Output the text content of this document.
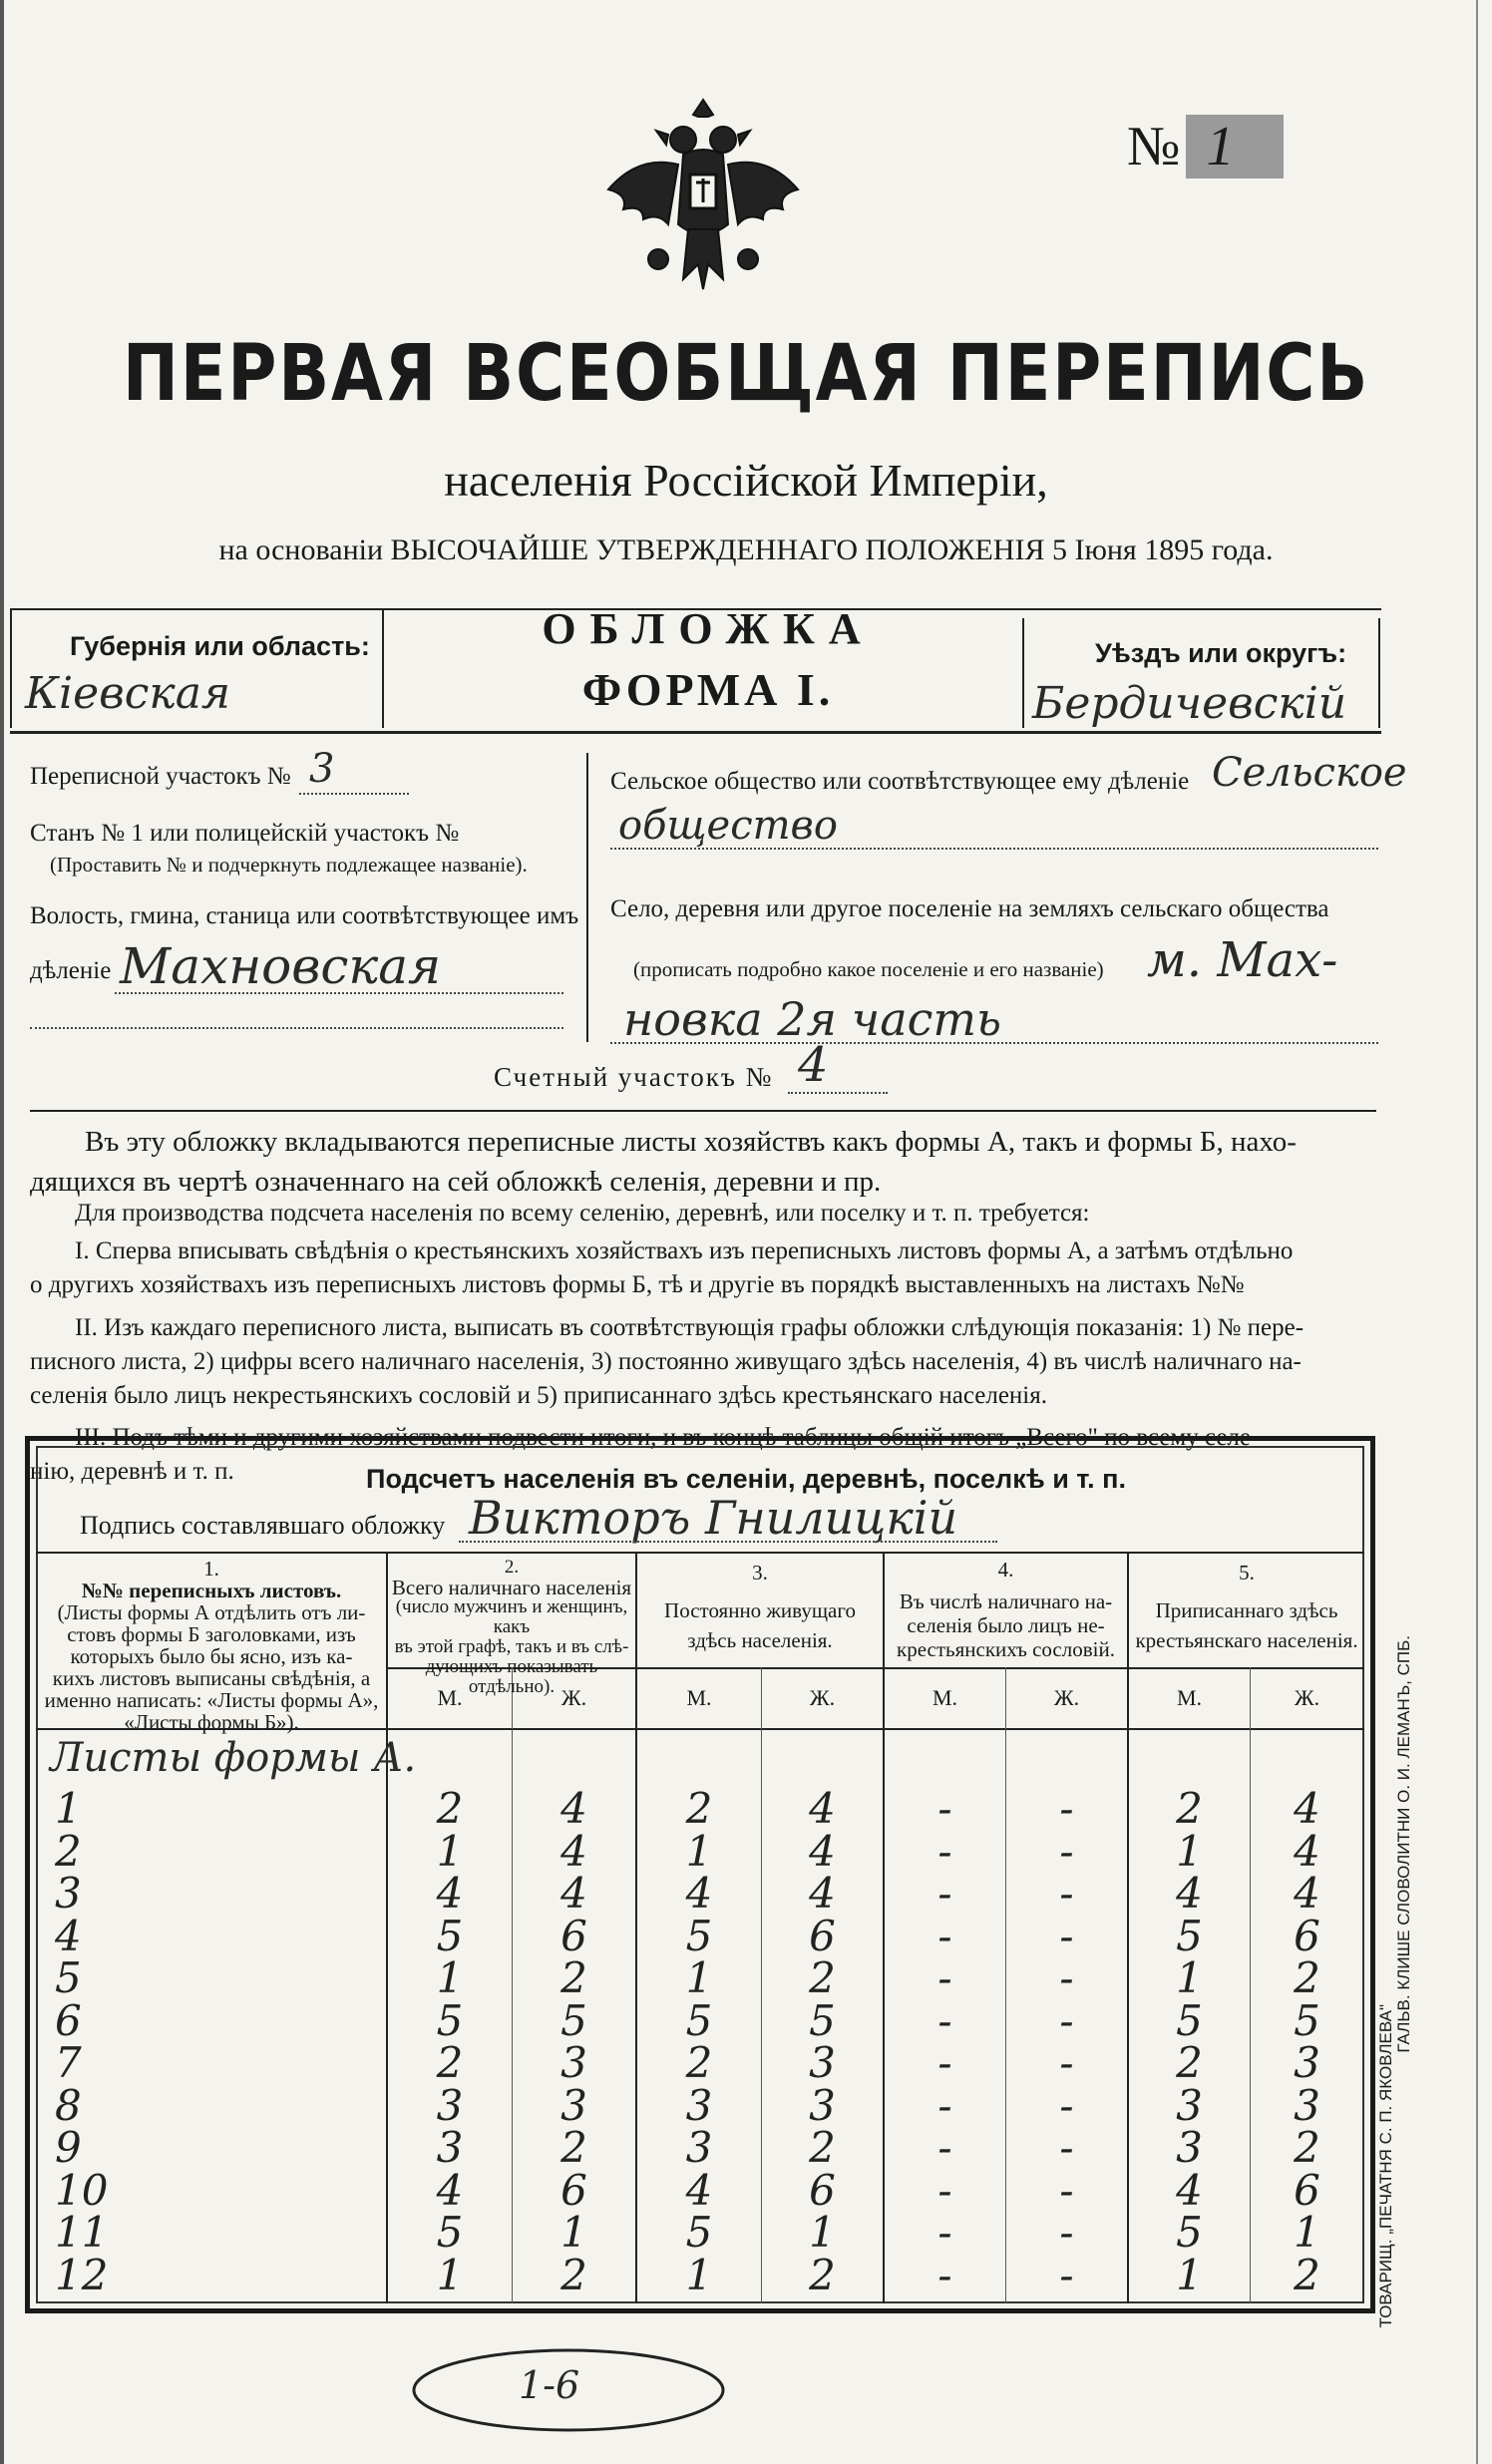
№ 1
ПЕРВАЯ ВСЕОБЩАЯ ПЕРЕПИСЬ
населенія Россійской Имперіи,
на основаніи ВЫСОЧАЙШЕ УТВЕРЖДЕННАГО ПОЛОЖЕНІЯ 5 Іюня 1895 года.
Губернія или область:
Кіевская
ОБЛОЖКА
ФОРМА I.
Уѣздъ или округъ:
Бердичевскій
Переписной участокъ № 3
Станъ № 1 или полицейскій участокъ №
(Проставить № и подчеркнуть подлежащее названіе).
Волость, гмина, станица или соотвѣтствующее имъ
дѣленіе Махновская
Сельское общество или соотвѣтствующее ему дѣленіе Сельское
общество
Село, деревня или другое поселеніе на земляхъ сельскаго общества
(прописать подробно какое поселеніе и его названіе) м. Мах-
новка 2я часть
Счетный участокъ № 4
Въ эту обложку вкладываются переписные листы хозяйствъ какъ формы А, такъ и формы Б, нахо-
дящихся въ чертѣ означеннаго на сей обложкѣ селенія, деревни и пр.
Для производства подсчета населенія по всему селенію, деревнѣ, или поселку и т. п. требуется:
I. Сперва вписывать свѣдѣнія о крестьянскихъ хозяйствахъ изъ переписныхъ листовъ формы А, а затѣмъ отдѣльно
о другихъ хозяйствахъ изъ переписныхъ листовъ формы Б, тѣ и другіе въ порядкѣ выставленныхъ на листахъ №№
II. Изъ каждаго переписного листа, выписать въ соотвѣтствующія графы обложки слѣдующія показанія: 1) № пере-
писного листа, 2) цифры всего наличнаго населенія, 3) постоянно живущаго здѣсь населенія, 4) въ числѣ наличнаго на-
селенія было лицъ некрестьянскихъ сословій и 5) приписаннаго здѣсь крестьянскаго населенія.
III. Подъ тѣми и другими хозяйствами подвести итоги, и въ концѣ таблицы общій итогъ „Всего" по всему селе-
нію, деревнѣ и т. п.	Подсчетъ населенія въ селеніи, деревнѣ, поселкѣ и т. п.
Подпись составлявшаго обложку Викторъ Гнилицкій
1.
№№ переписныхъ листовъ.
(Листы формы А отдѣлить отъ ли-
стовъ формы Б заголовками, изъ
которыхъ было бы ясно, изъ ка-
кихъ листовъ выписаны свѣдѣнія, а
именно написать: «Листы формы А»,
«Листы формы Б»).
2.
Всего наличнаго населенія
(число мужчинъ и женщинъ, какъ
въ этой графѣ, такъ и въ слѣ-
дующихъ показывать отдѣльно).
3.
Постоянно живущаго
здѣсь населенія.
4.
Въ числѣ наличнаго на-
селенія было лицъ не-
крестьянскихъ сословій.
5.
Приписаннаго здѣсь
крестьянскаго населенія.
М.	Ж.	М.	Ж.	М.	Ж.	М.	Ж.
Листы формы А.
1	2	4	2	4	-	-	2	4
2	1	4	1	4	-	-	1	4
3	4	4	4	4	-	-	4	4
4	5	6	5	6	-	-	5	6
5	1	2	1	2	-	-	1	2
6	5	5	5	5	-	-	5	5
7	2	3	2	3	-	-	2	3
8	3	3	3	3	-	-	3	3
9	3	2	3	2	-	-	3	2
10	4	6	4	6	-	-	4	6
11	5	1	5	1	-	-	5	1
12	1	2	1	2	-	-	1	2
1-6
ГАЛЬВ. КЛИШЕ СЛОВОЛИТНИ О. И. ЛЕМАНЪ, СПБ.
ТОВАРИЩ. „ПЕЧАТНЯ С. П. ЯКОВЛЕВА"
